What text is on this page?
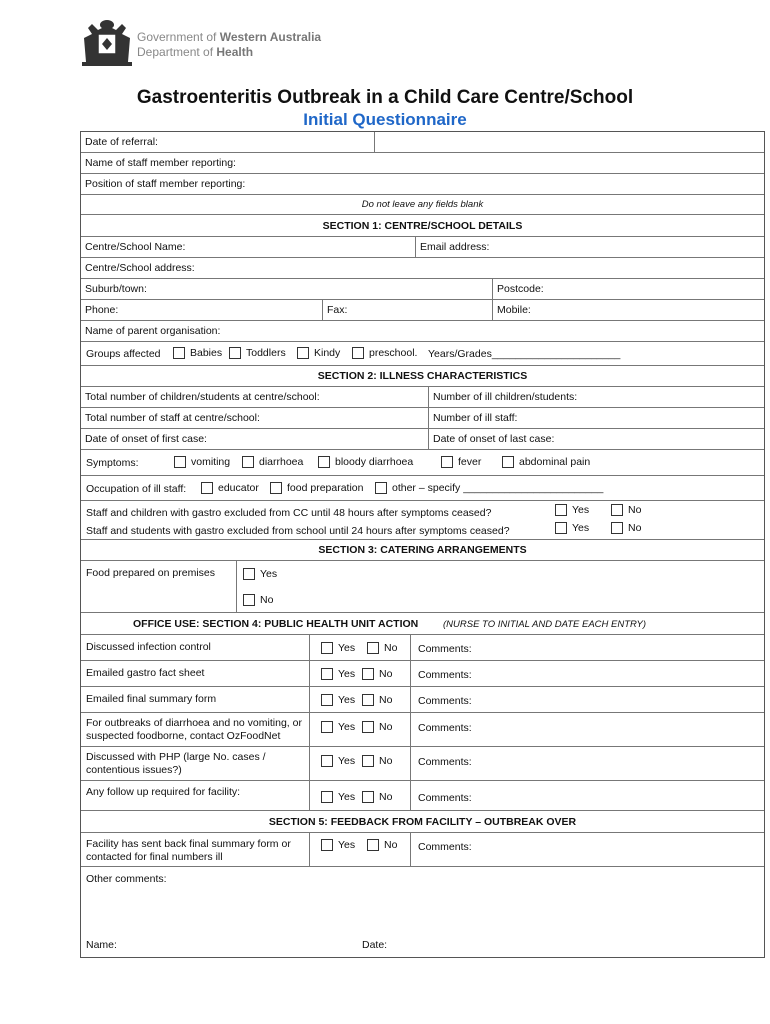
Government of Western Australia
Department of Health
Gastroenteritis Outbreak in a Child Care Centre/School
Initial Questionnaire
Date of referral:
Name of staff member reporting:
Position of staff member reporting:
Do not leave any fields blank
SECTION 1: CENTRE/SCHOOL DETAILS
Centre/School Name:	Email address:
Centre/School address:
Suburb/town:	Postcode:
Phone:	Fax:	Mobile:
Name of parent organisation:
Groups affected	Babies	Toddlers	Kindy	preschool. Years/Grades______________________
SECTION 2: ILLNESS CHARACTERISTICS
Total number of children/students at centre/school:	Number of ill children/students:
Total number of staff at centre/school:	Number of ill staff:
Date of onset of first case:	Date of onset of last case:
Symptoms:	vomiting	diarrhoea	bloody diarrhoea	fever	abdominal pain
Occupation of ill staff:	educator	food preparation	other – specify ________________________
Staff and children with gastro excluded from CC until 48 hours after symptoms ceased?
Staff and students with gastro excluded from school until 24 hours after symptoms ceased?
Yes	No
Yes	No
SECTION 3: CATERING ARRANGEMENTS
Food prepared on premises	Yes
No
OFFICE USE: SECTION 4: PUBLIC HEALTH UNIT ACTION	(NURSE TO INITIAL AND DATE EACH ENTRY)
Discussed infection control	Yes	No Comments:
Emailed gastro fact sheet	Yes	No Comments:
Emailed final summary form	Yes	No Comments:
For outbreaks of diarrhoea and no vomiting, or
suspected foodborne, contact OzFoodNet
Yes	No Comments:
Discussed with PHP (large No. cases /
contentious issues?)
Yes	No Comments:
Any follow up required for facility:	Yes	No Comments:
SECTION 5: FEEDBACK FROM FACILITY – OUTBREAK OVER
Facility has sent back final summary form or
contacted for final numbers ill
Yes	No Comments:
Other comments:
Name:	Date:
